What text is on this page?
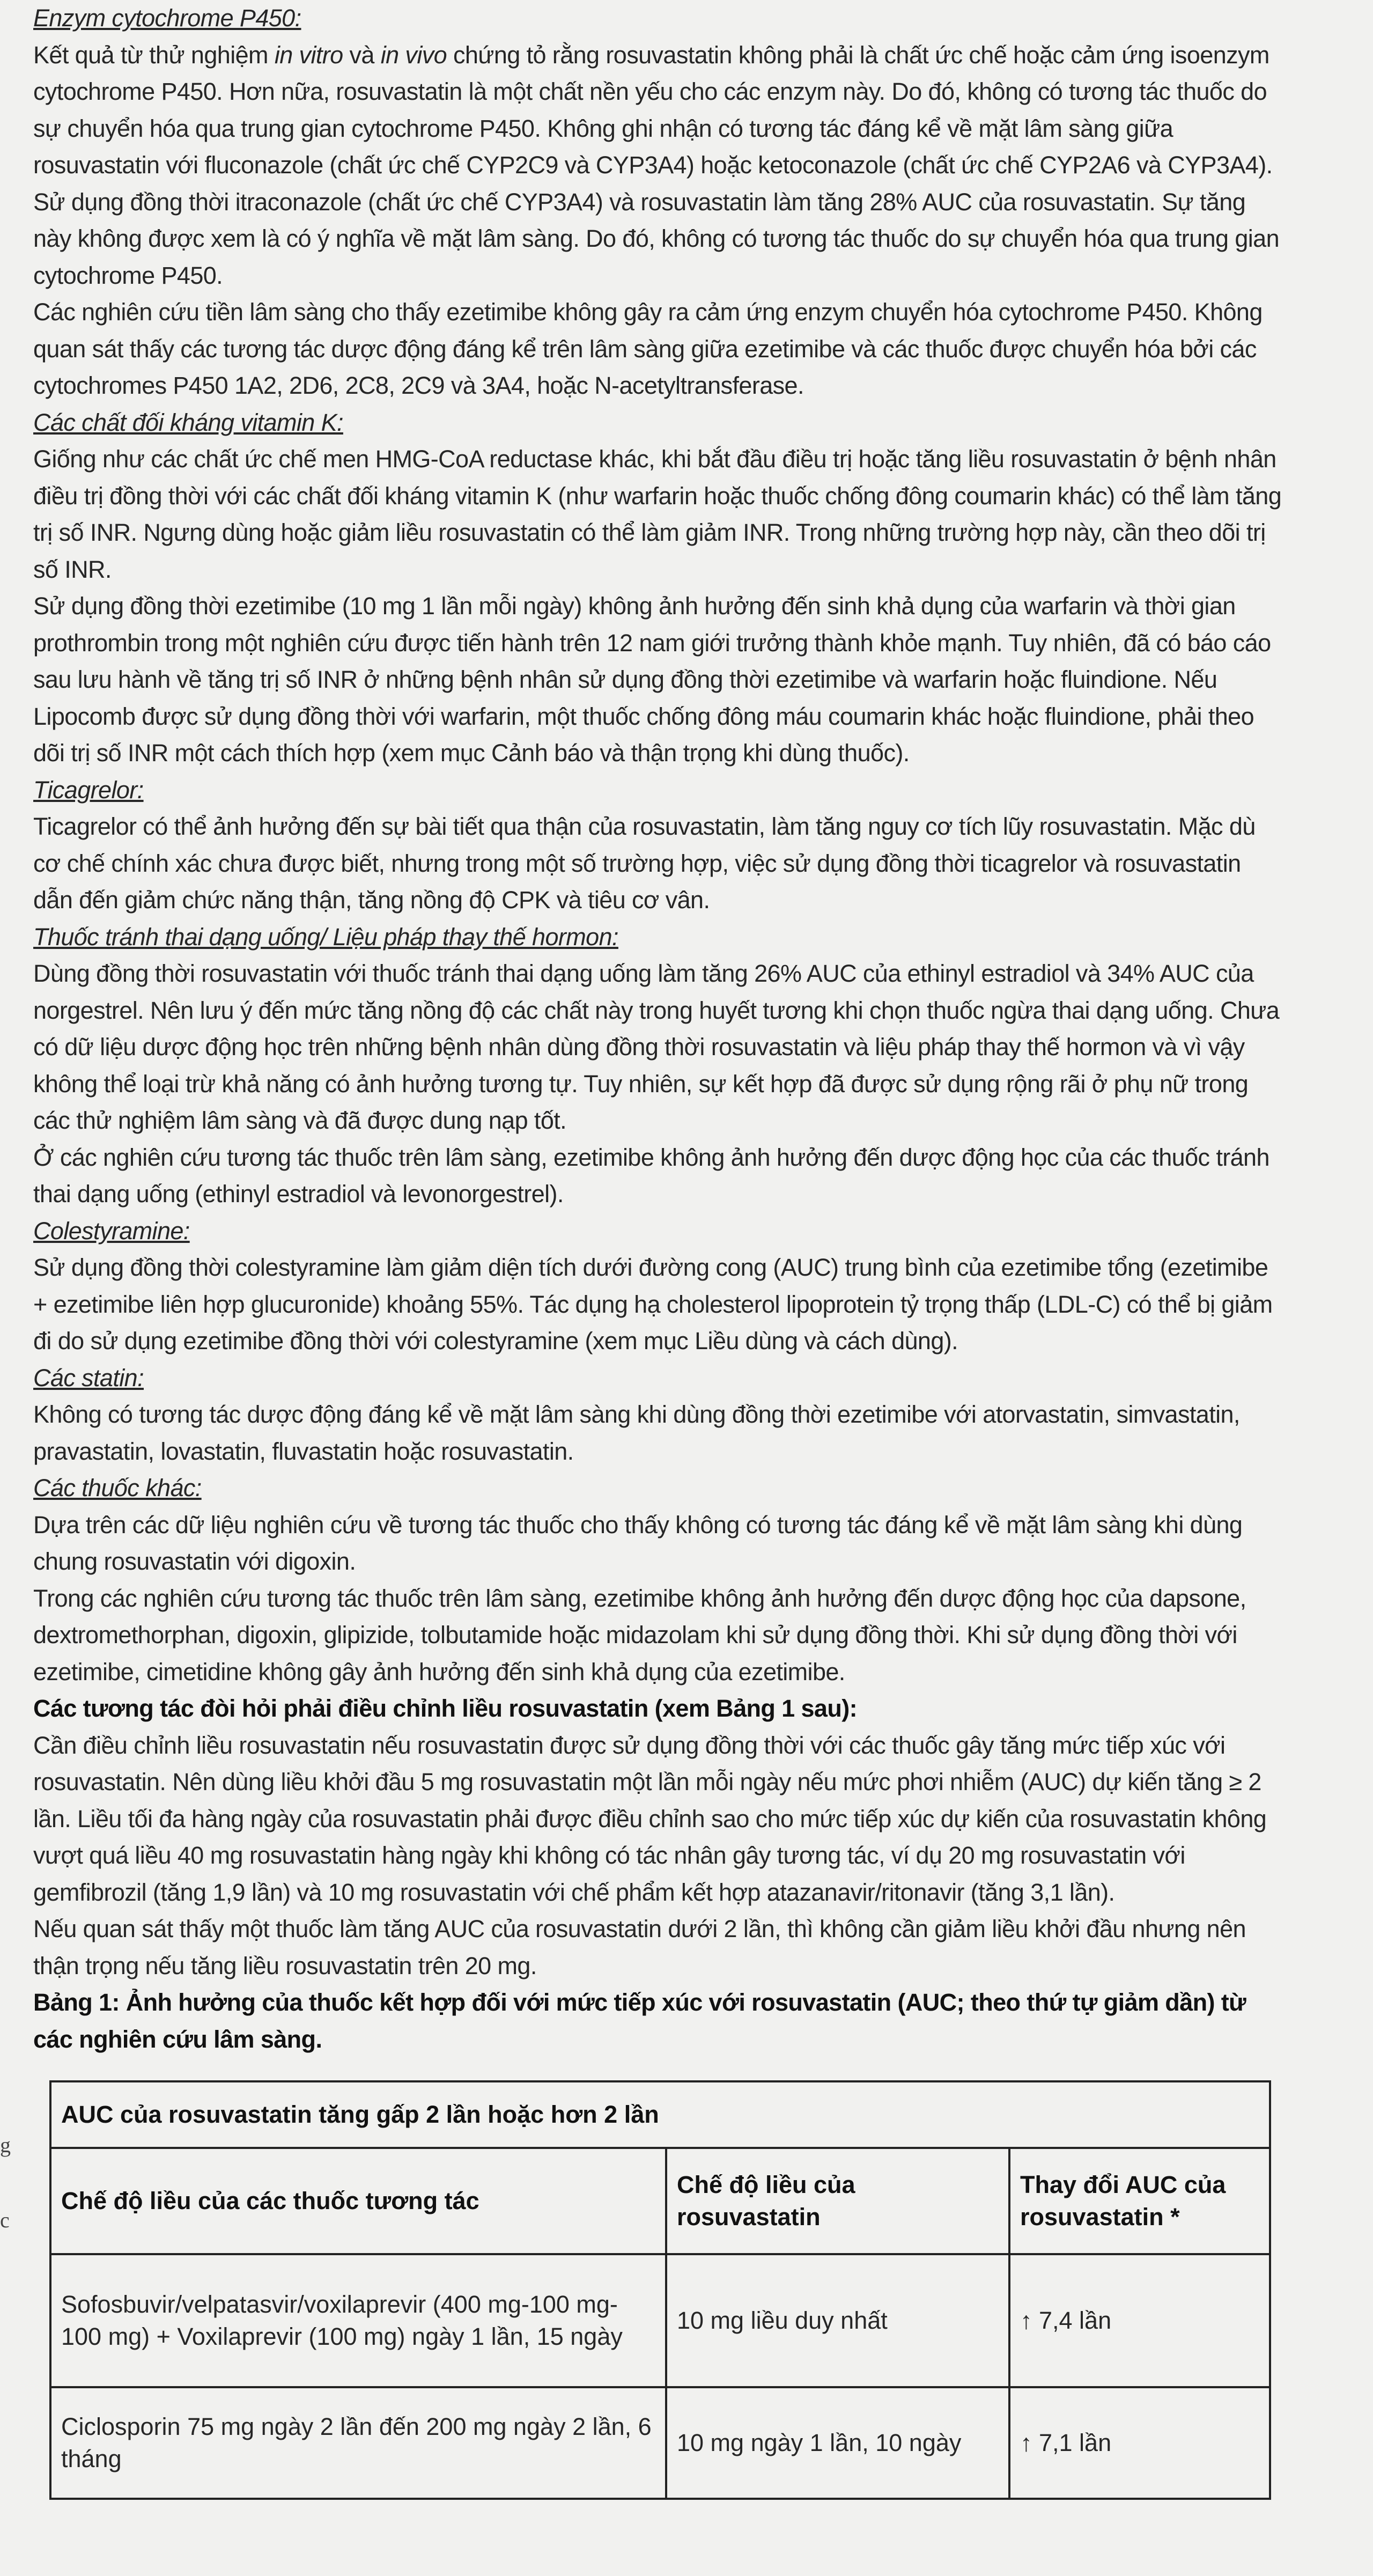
Enzym cytochrome P450:

Kết quả từ thử nghiệm in vitro và in vivo chứng tỏ rằng rosuvastatin không phải là chất ức chế hoặc cảm ứng isoenzym cytochrome P450. Hơn nữa, rosuvastatin là một chất nền yếu cho các enzym này. Do đó, không có tương tác thuốc do sự chuyển hóa qua trung gian cytochrome P450. Không ghi nhận có tương tác đáng kể về mặt lâm sàng giữa rosuvastatin với fluconazole (chất ức chế CYP2C9 và CYP3A4) hoặc ketoconazole (chất ức chế CYP2A6 và CYP3A4).

Sử dụng đồng thời itraconazole (chất ức chế CYP3A4) và rosuvastatin làm tăng 28% AUC của rosuvastatin. Sự tăng này không được xem là có ý nghĩa về mặt lâm sàng. Do đó, không có tương tác thuốc do sự chuyển hóa qua trung gian cytochrome P450.

Các nghiên cứu tiền lâm sàng cho thấy ezetimibe không gây ra cảm ứng enzym chuyển hóa cytochrome P450. Không quan sát thấy các tương tác dược động đáng kể trên lâm sàng giữa ezetimibe và các thuốc được chuyển hóa bởi các cytochromes P450 1A2, 2D6, 2C8, 2C9 và 3A4, hoặc N-acetyltransferase.

Các chất đối kháng vitamin K:

Giống như các chất ức chế men HMG-CoA reductase khác, khi bắt đầu điều trị hoặc tăng liều rosuvastatin ở bệnh nhân điều trị đồng thời với các chất đối kháng vitamin K (như warfarin hoặc thuốc chống đông coumarin khác) có thể làm tăng trị số INR. Ngưng dùng hoặc giảm liều rosuvastatin có thể làm giảm INR. Trong những trường hợp này, cần theo dõi trị số INR.

Sử dụng đồng thời ezetimibe (10 mg 1 lần mỗi ngày) không ảnh hưởng đến sinh khả dụng của warfarin và thời gian prothrombin trong một nghiên cứu được tiến hành trên 12 nam giới trưởng thành khỏe mạnh. Tuy nhiên, đã có báo cáo sau lưu hành về tăng trị số INR ở những bệnh nhân sử dụng đồng thời ezetimibe và warfarin hoặc fluindione. Nếu Lipocomb được sử dụng đồng thời với warfarin, một thuốc chống đông máu coumarin khác hoặc fluindione, phải theo dõi trị số INR một cách thích hợp (xem mục Cảnh báo và thận trọng khi dùng thuốc).

Ticagrelor:

Ticagrelor có thể ảnh hưởng đến sự bài tiết qua thận của rosuvastatin, làm tăng nguy cơ tích lũy rosuvastatin. Mặc dù cơ chế chính xác chưa được biết, nhưng trong một số trường hợp, việc sử dụng đồng thời ticagrelor và rosuvastatin dẫn đến giảm chức năng thận, tăng nồng độ CPK và tiêu cơ vân.

Thuốc tránh thai dạng uống/ Liệu pháp thay thế hormon:

Dùng đồng thời rosuvastatin với thuốc tránh thai dạng uống làm tăng 26% AUC của ethinyl estradiol và 34% AUC của norgestrel. Nên lưu ý đến mức tăng nồng độ các chất này trong huyết tương khi chọn thuốc ngừa thai dạng uống. Chưa có dữ liệu dược động học trên những bệnh nhân dùng đồng thời rosuvastatin và liệu pháp thay thế hormon và vì vậy không thể loại trừ khả năng có ảnh hưởng tương tự. Tuy nhiên, sự kết hợp đã được sử dụng rộng rãi ở phụ nữ trong các thử nghiệm lâm sàng và đã được dung nạp tốt.

Ở các nghiên cứu tương tác thuốc trên lâm sàng, ezetimibe không ảnh hưởng đến dược động học của các thuốc tránh thai dạng uống (ethinyl estradiol và levonorgestrel).

Colestyramine:

Sử dụng đồng thời colestyramine làm giảm diện tích dưới đường cong (AUC) trung bình của ezetimibe tổng (ezetimibe + ezetimibe liên hợp glucuronide) khoảng 55%. Tác dụng hạ cholesterol lipoprotein tỷ trọng thấp (LDL-C) có thể bị giảm đi do sử dụng ezetimibe đồng thời với colestyramine (xem mục Liều dùng và cách dùng).

Các statin:

Không có tương tác dược động đáng kể về mặt lâm sàng khi dùng đồng thời ezetimibe với atorvastatin, simvastatin, pravastatin, lovastatin, fluvastatin hoặc rosuvastatin.

Các thuốc khác:

Dựa trên các dữ liệu nghiên cứu về tương tác thuốc cho thấy không có tương tác đáng kể về mặt lâm sàng khi dùng chung rosuvastatin với digoxin.

Trong các nghiên cứu tương tác thuốc trên lâm sàng, ezetimibe không ảnh hưởng đến dược động học của dapsone, dextromethorphan, digoxin, glipizide, tolbutamide hoặc midazolam khi sử dụng đồng thời. Khi sử dụng đồng thời với ezetimibe, cimetidine không gây ảnh hưởng đến sinh khả dụng của ezetimibe.

Các tương tác đòi hỏi phải điều chỉnh liều rosuvastatin (xem Bảng 1 sau):

Cần điều chỉnh liều rosuvastatin nếu rosuvastatin được sử dụng đồng thời với các thuốc gây tăng mức tiếp xúc với rosuvastatin. Nên dùng liều khởi đầu 5 mg rosuvastatin một lần mỗi ngày nếu mức phơi nhiễm (AUC) dự kiến tăng ≥ 2 lần. Liều tối đa hàng ngày của rosuvastatin phải được điều chỉnh sao cho mức tiếp xúc dự kiến của rosuvastatin không vượt quá liều 40 mg rosuvastatin hàng ngày khi không có tác nhân gây tương tác, ví dụ 20 mg rosuvastatin với gemfibrozil (tăng 1,9 lần) và 10 mg rosuvastatin với chế phẩm kết hợp atazanavir/ritonavir (tăng 3,1 lần).

Nếu quan sát thấy một thuốc làm tăng AUC của rosuvastatin dưới 2 lần, thì không cần giảm liều khởi đầu nhưng nên thận trọng nếu tăng liều rosuvastatin trên 20 mg.

Bảng 1: Ảnh hưởng của thuốc kết hợp đối với mức tiếp xúc với rosuvastatin (AUC; theo thứ tự giảm dần) từ các nghiên cứu lâm sàng.

AUC của rosuvastatin tăng gấp 2 lần hoặc hơn 2 lần		
Chế độ liều của các thuốc tương tác	Chế độ liều của rosuvastatin	Thay đổi AUC của rosuvastatin *
Sofosbuvir/velpatasvir/voxilaprevir (400 mg-100 mg-100 mg) + Voxilaprevir (100 mg) ngày 1 lần, 15 ngày	10 mg liều duy nhất	↑ 7,4 lần
Ciclosporin 75 mg ngày 2 lần đến 200 mg ngày 2 lần, 6 tháng	10 mg ngày 1 lần, 10 ngày	↑ 7,1 lần
g
c
